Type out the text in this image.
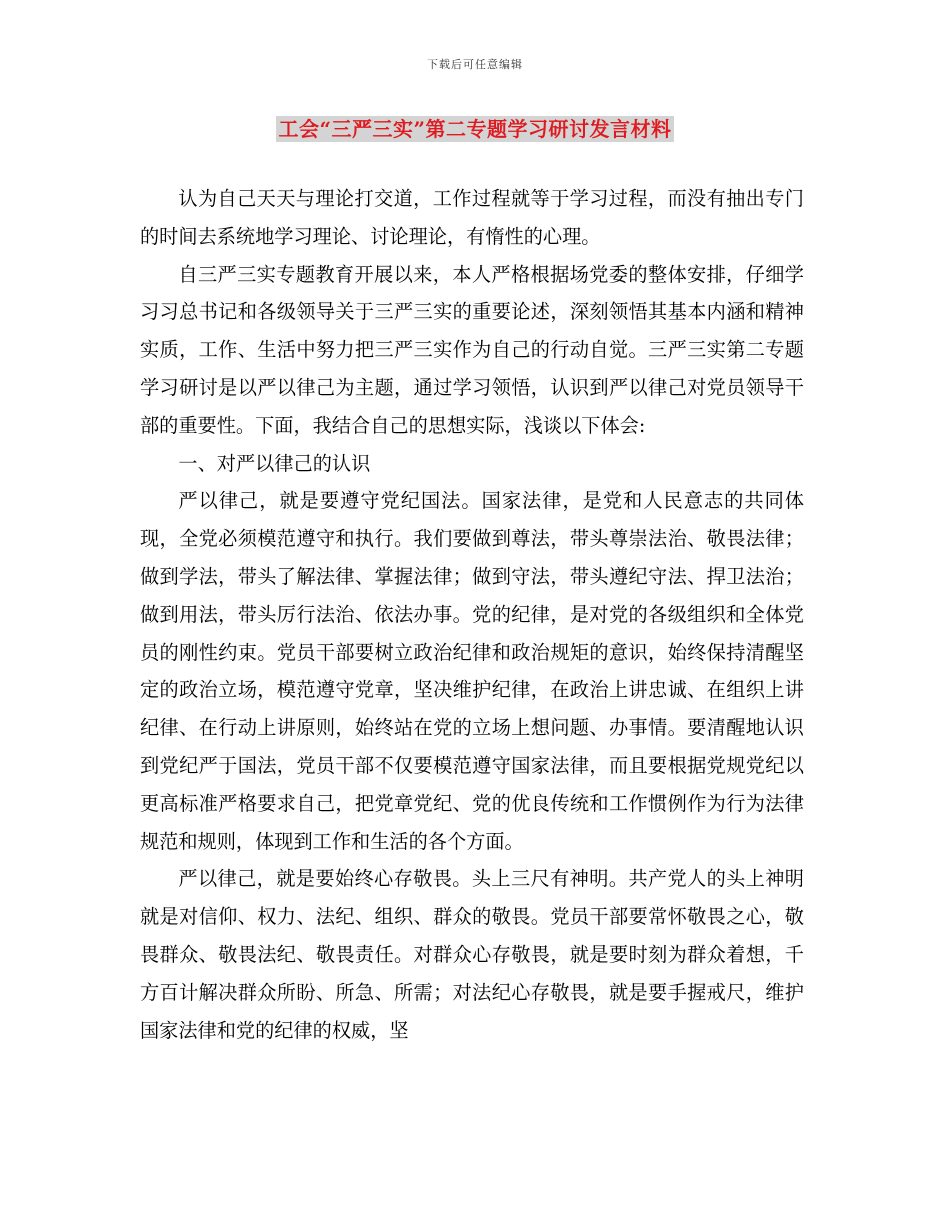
下载后可任意编辑
工会“三严三实”第二专题学习研讨发言材料

认为自己天天与理论打交道，工作过程就等于学习过程，而没有抽出专门的时间去系统地学习理论、讨论理论，有惰性的心理。

自三严三实专题教育开展以来，本人严格根据场党委的整体安排，仔细学习习总书记和各级领导关于三严三实的重要论述，深刻领悟其基本内涵和精神实质，工作、生活中努力把三严三实作为自己的行动自觉。三严三实第二专题学习研讨是以严以律己为主题，通过学习领悟，认识到严以律己对党员领导干部的重要性。下面，我结合自己的思想实际，浅谈以下体会:

一、对严以律己的认识

严以律己，就是要遵守党纪国法。国家法律，是党和人民意志的共同体现，全党必须模范遵守和执行。我们要做到尊法，带头尊崇法治、敬畏法律；做到学法，带头了解法律、掌握法律；做到守法，带头遵纪守法、捍卫法治；做到用法，带头厉行法治、依法办事。党的纪律，是对党的各级组织和全体党员的刚性约束。党员干部要树立政治纪律和政治规矩的意识，始终保持清醒坚定的政治立场，模范遵守党章，坚决维护纪律，在政治上讲忠诚、在组织上讲纪律、在行动上讲原则，始终站在党的立场上想问题、办事情。要清醒地认识到党纪严于国法，党员干部不仅要模范遵守国家法律，而且要根据党规党纪以更高标准严格要求自己，把党章党纪、党的优良传统和工作惯例作为行为法律规范和规则，体现到工作和生活的各个方面。

严以律己，就是要始终心存敬畏。头上三尺有神明。共产党人的头上神明就是对信仰、权力、法纪、组织、群众的敬畏。党员干部要常怀敬畏之心，敬畏群众、敬畏法纪、敬畏责任。对群众心存敬畏，就是要时刻为群众着想，千方百计解决群众所盼、所急、所需；对法纪心存敬畏，就是要手握戒尺，维护国家法律和党的纪律的权威，坚
